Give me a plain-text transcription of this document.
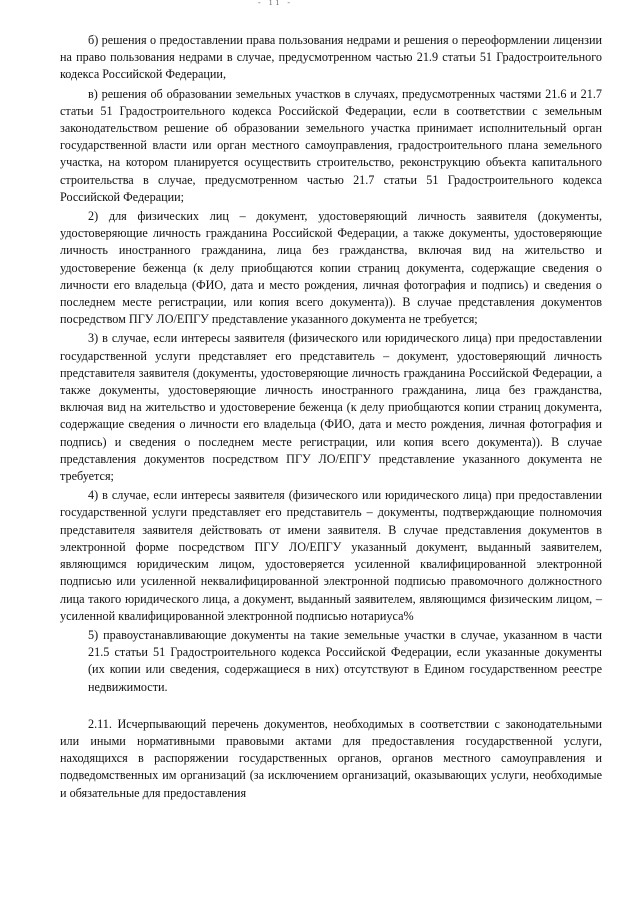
- 11 -

б) решения о предоставлении права пользования недрами и решения о переоформлении лицензии на право пользования недрами в случае, предусмотренном частью 21.9 статьи 51 Градостроительного кодекса Российской Федерации,

в) решения об образовании земельных участков в случаях, предусмотренных частями 21.6 и 21.7 статьи 51 Градостроительного кодекса Российской Федерации, если в соответствии с земельным законодательством решение об образовании земельного участка принимает исполнительный орган государственной власти или орган местного самоуправления, градостроительного плана земельного участка, на котором планируется осуществить строительство, реконструкцию объекта капитального строительства в случае, предусмотренном частью 21.7 статьи 51 Градостроительного кодекса Российской Федерации;

2) для физических лиц – документ, удостоверяющий личность заявителя (документы, удостоверяющие личность гражданина Российской Федерации, а также документы, удостоверяющие личность иностранного гражданина, лица без гражданства, включая вид на жительство и удостоверение беженца (к делу приобщаются копии страниц документа, содержащие сведения о личности его владельца (ФИО, дата и место рождения, личная фотография и подпись) и сведения о последнем месте регистрации, или копия всего документа)). В случае представления документов посредством ПГУ ЛО/ЕПГУ представление указанного документа не требуется;

3) в случае, если интересы заявителя (физического или юридического лица) при предоставлении государственной услуги представляет его представитель – документ, удостоверяющий личность представителя заявителя (документы, удостоверяющие личность гражданина Российской Федерации, а также документы, удостоверяющие личность иностранного гражданина, лица без гражданства, включая вид на жительство и удостоверение беженца (к делу приобщаются копии страниц документа, содержащие сведения о личности его владельца (ФИО, дата и место рождения, личная фотография и подпись) и сведения о последнем месте регистрации, или копия всего документа)). В случае представления документов посредством ПГУ ЛО/ЕПГУ представление указанного документа не требуется;

4) в случае, если интересы заявителя (физического или юридического лица) при предоставлении государственной услуги представляет его представитель – документы, подтверждающие полномочия представителя заявителя действовать от имени заявителя. В случае представления документов в электронной форме посредством ПГУ ЛО/ЕПГУ указанный документ, выданный заявителем, являющимся юридическим лицом, удостоверяется усиленной квалифицированной электронной подписью или усиленной неквалифицированной электронной подписью правомочного должностного лица такого юридического лица, а документ, выданный заявителем, являющимся физическим лицом, – усиленной квалифицированной электронной подписью нотариуса%

5) правоустанавливающие документы на такие земельные участки в случае, указанном в части 21.5 статьи 51 Градостроительного кодекса Российской Федерации, если указанные документы (их копии или сведения, содержащиеся в них) отсутствуют в Едином государственном реестре недвижимости.

2.11. Исчерпывающий перечень документов, необходимых в соответствии с законодательными или иными нормативными правовыми актами для предоставления государственной услуги, находящихся в распоряжении государственных органов, органов местного самоуправления и подведомственных им организаций (за исключением организаций, оказывающих услуги, необходимые и обязательные для предоставления
